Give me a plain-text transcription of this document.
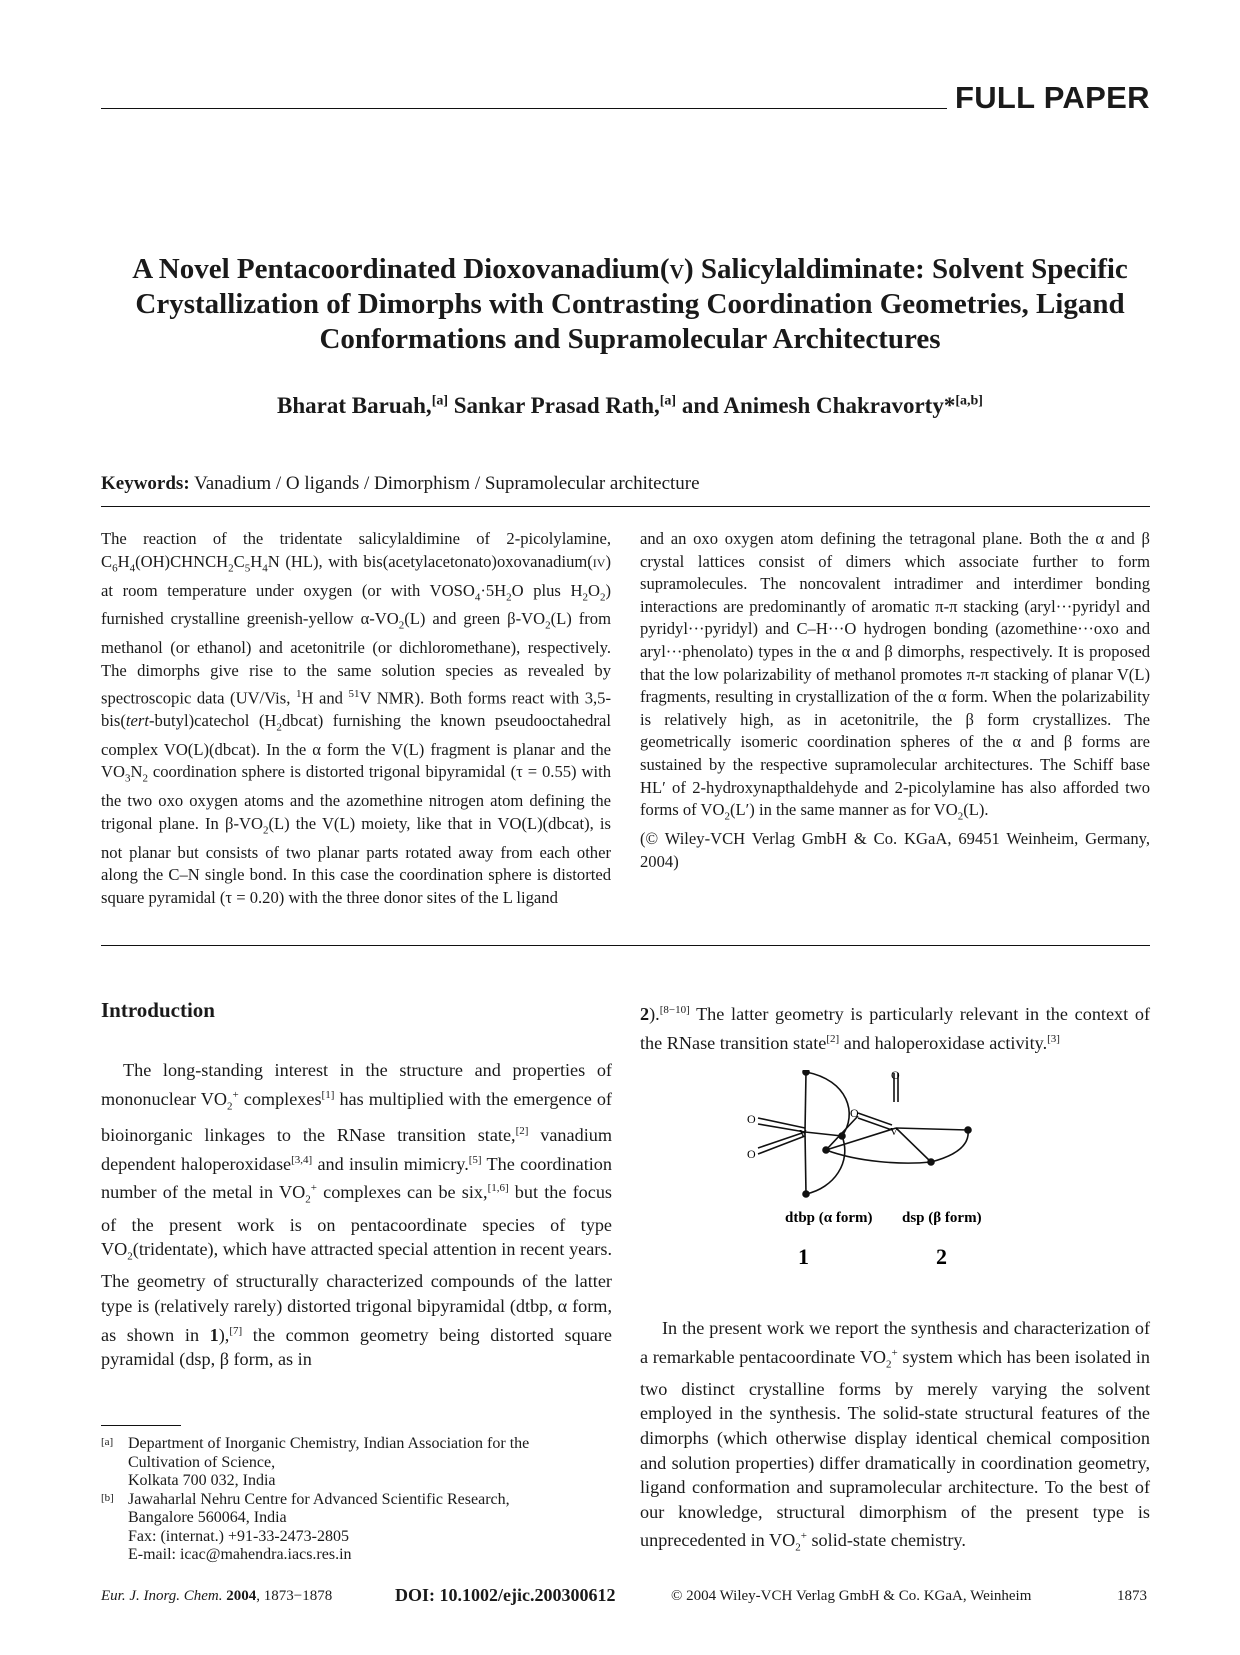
FULL PAPER
A Novel Pentacoordinated Dioxovanadium(v) Salicylaldiminate: Solvent Specific Crystallization of Dimorphs with Contrasting Coordination Geometries, Ligand Conformations and Supramolecular Architectures
Bharat Baruah,[a] Sankar Prasad Rath,[a] and Animesh Chakravorty*[a,b]
Keywords: Vanadium / O ligands / Dimorphism / Supramolecular architecture
The reaction of the tridentate salicylaldimine of 2-picolylamine, $C_6H_4(OH)CHNCH_2C_5H_4N$ (HL), with bis(acetylacetonato)oxovanadium(iv) at room temperature under oxygen (or with $VOSO_4\cdot 5H_2O$ plus $H_2O_2$) furnished crystalline greenish-yellow $\alpha-VO_2(L)$ and green $\beta-VO_2(L)$ from methanol (or ethanol) and acetonitrile (or dichloromethane), respectively. The dimorphs give rise to the same solution species as revealed by spectroscopic data (UV/Vis, $^1$H and $^{51}$V NMR). Both forms react with 3,5-bis(tert-butyl)catechol $(H_2dbcat)$ furnishing the known pseudooctahedral complex VO(L)(dbcat). In the α form the V(L) fragment is planar and the $VO_3N_2$ coordination sphere is distorted trigonal bipyramidal (τ = 0.55) with the two oxo oxygen atoms and the azomethine nitrogen atom defining the trigonal plane. In $\beta-VO_2(L)$ the V(L) moiety, like that in VO(L)(dbcat), is not planar but consists of two planar parts rotated away from each other along the C–N single bond. In this case the coordination sphere is distorted square pyramidal (τ = 0.20) with the three donor sites of the L ligand
and an oxo oxygen atom defining the tetragonal plane. Both the α and β crystal lattices consist of dimers which associate further to form supramolecules. The noncovalent intradimer and interdimer bonding interactions are predominantly of aromatic π-π stacking (aryl···pyridyl and pyridyl···pyridyl) and C–H···O hydrogen bonding (azomethine···oxo and aryl···phenolato) types in the α and β dimorphs, respectively. It is proposed that the low polarizability of methanol promotes π-π stacking of planar V(L) fragments, resulting in crystallization of the α form. When the polarizability is relatively high, as in acetonitrile, the β form crystallizes. The geometrically isomeric coordination spheres of the α and β forms are sustained by the respective supramolecular architectures. The Schiff base HL′ of 2-hydroxynapthaldehyde and 2-picolylamine has also afforded two forms of $VO_2(L')$ in the same manner as for $VO_2(L)$.
(© Wiley-VCH Verlag GmbH & Co. KGaA, 69451 Weinheim, Germany, 2004)
Introduction
The long-standing interest in the structure and properties of mononuclear $VO_2^+$ complexes[1] has multiplied with the emergence of bioinorganic linkages to the RNase transition state,[2] vanadium dependent haloperoxidase[3,4] and insulin mimicry.[5] The coordination number of the metal in $VO_2^+$ complexes can be six,[1,6] but the focus of the present work is on pentacoordinate species of type $VO_2(tridentate)$, which have attracted special attention in recent years. The geometry of structurally characterized compounds of the latter type is (relatively rarely) distorted trigonal bipyramidal (dtbp, α form, as shown in 1),[7] the common geometry being distorted square pyramidal (dsp, β form, as in
2).[8−10] The latter geometry is particularly relevant in the context of the RNase transition state[2] and haloperoxidase activity.[3]
O
O
V
O
O
V
dtbp (α form) dsp (β form)
1	2
In the present work we report the synthesis and characterization of a remarkable pentacoordinate $VO_2^+$ system which has been isolated in two distinct crystalline forms by merely varying the solvent employed in the synthesis. The solid-state structural features of the dimorphs (which otherwise display identical chemical composition and solution properties) differ dramatically in coordination geometry, ligand conformation and supramolecular architecture. To the best of our knowledge, structural dimorphism of the present type is unprecedented in $VO_2^+$ solid-state chemistry.
[a] Department of Inorganic Chemistry, Indian Association for the
Cultivation of Science,
Kolkata 700 032, India
[b] Jawaharlal Nehru Centre for Advanced Scientific Research,
Bangalore 560064, India
Fax: (internat.) +91-33-2473-2805
E-mail: icac@mahendra.iacs.res.in
Eur. J. Inorg. Chem. 2004, 1873−1878	DOI: 10.1002/ejic.200300612	© 2004 Wiley-VCH Verlag GmbH & Co. KGaA, Weinheim	1873
